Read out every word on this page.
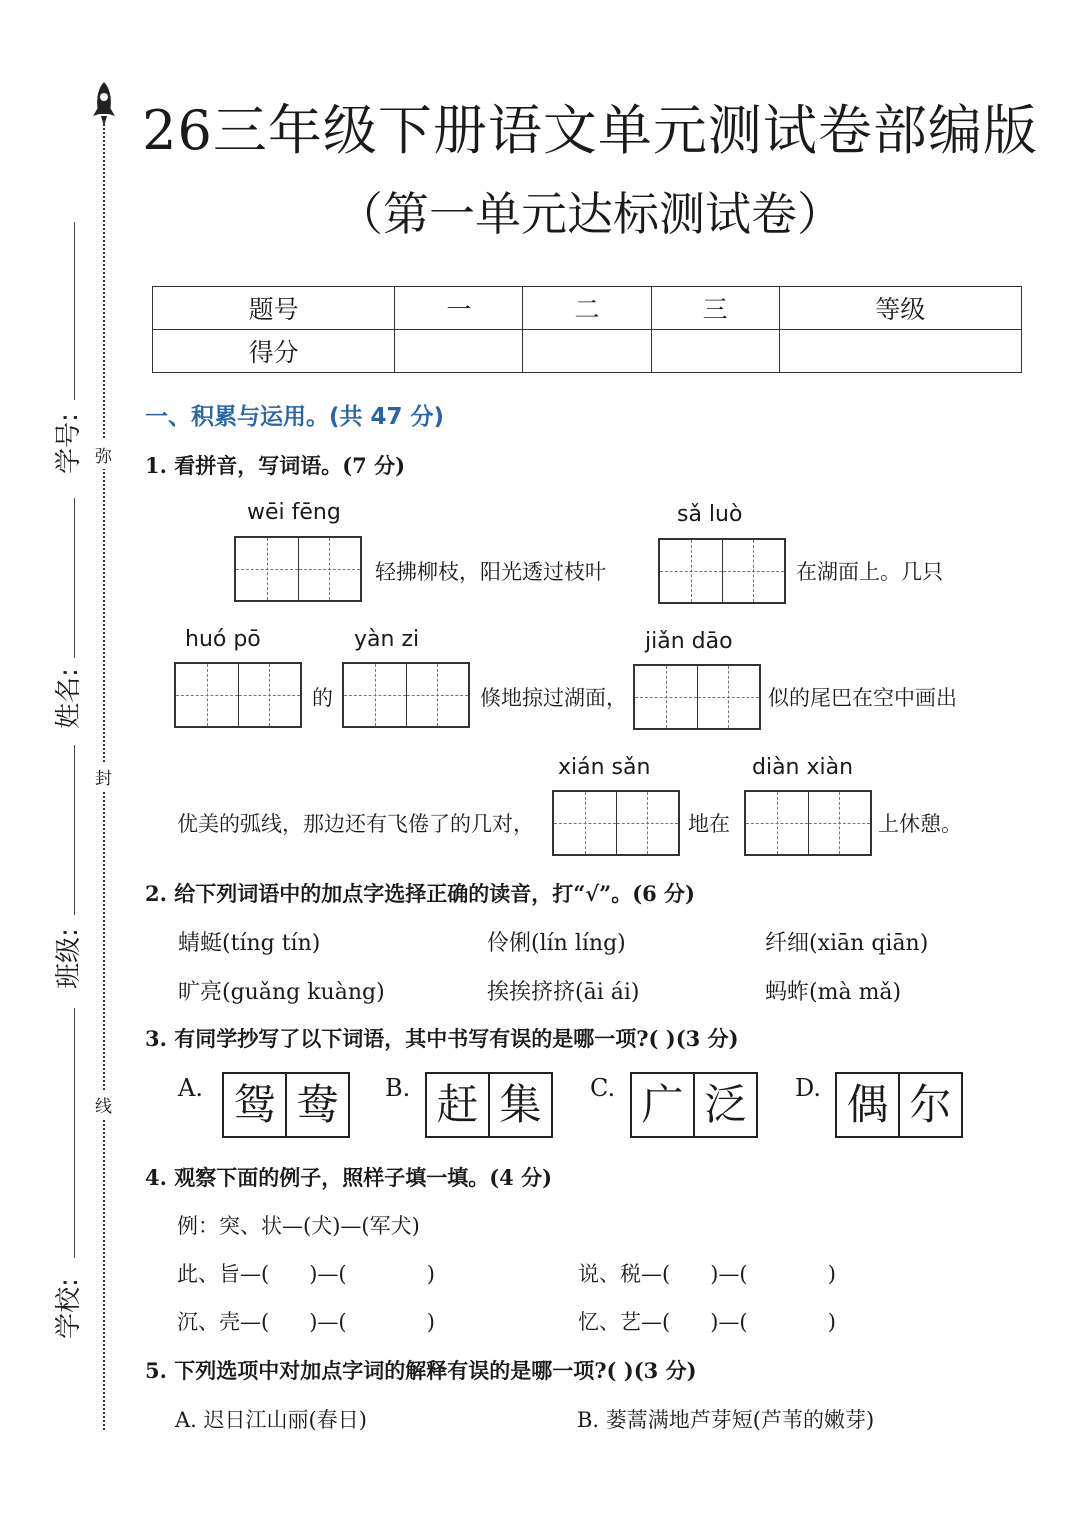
学号:
姓名:
班级:
学校:
弥
封
线
26三年级下册语文单元测试卷部编版
（第一单元达标测试卷）
题号	一	二	三	等级
得分				
一、积累与运用。(共 47 分)
1. 看拼音，写词语。(7 分)
wēi fēng	sǎ luò
轻拂柳枝，阳光透过枝叶	在湖面上。几只
huó pō	yàn zi	jiǎn dāo
的	倏地掠过湖面，	似的尾巴在空中画出
xián sǎn	diàn xiàn
优美的弧线，那边还有飞倦了的几对，	地在	上休憩。
2. 给下列词语中的加点字选择正确的读音，打“√”。(6 分)
蜻蜓(tíng tín)	伶俐(lín líng)	纤细(xiān qiān)
旷亮(guǎng kuàng)	挨挨挤挤(āi ái)	蚂蚱(mà mǎ)
3. 有同学抄写了以下词语，其中书写有误的是哪一项?( )(3 分)
A. 鸳 鸯	B. 赶 集	C. 广 泛	D. 偶 尔
4. 观察下面的例子，照样子填一填。(4 分)
例：突、状—(犬)—(军犬)
此、旨—(      )—(            )	说、税—(      )—(            )
沉、壳—(      )—(            )	忆、艺—(      )—(            )
5. 下列选项中对加点字词的解释有误的是哪一项?( )(3 分)
A. 迟日江山丽(春日)	B. 蒌蒿满地芦芽短(芦苇的嫩芽)
